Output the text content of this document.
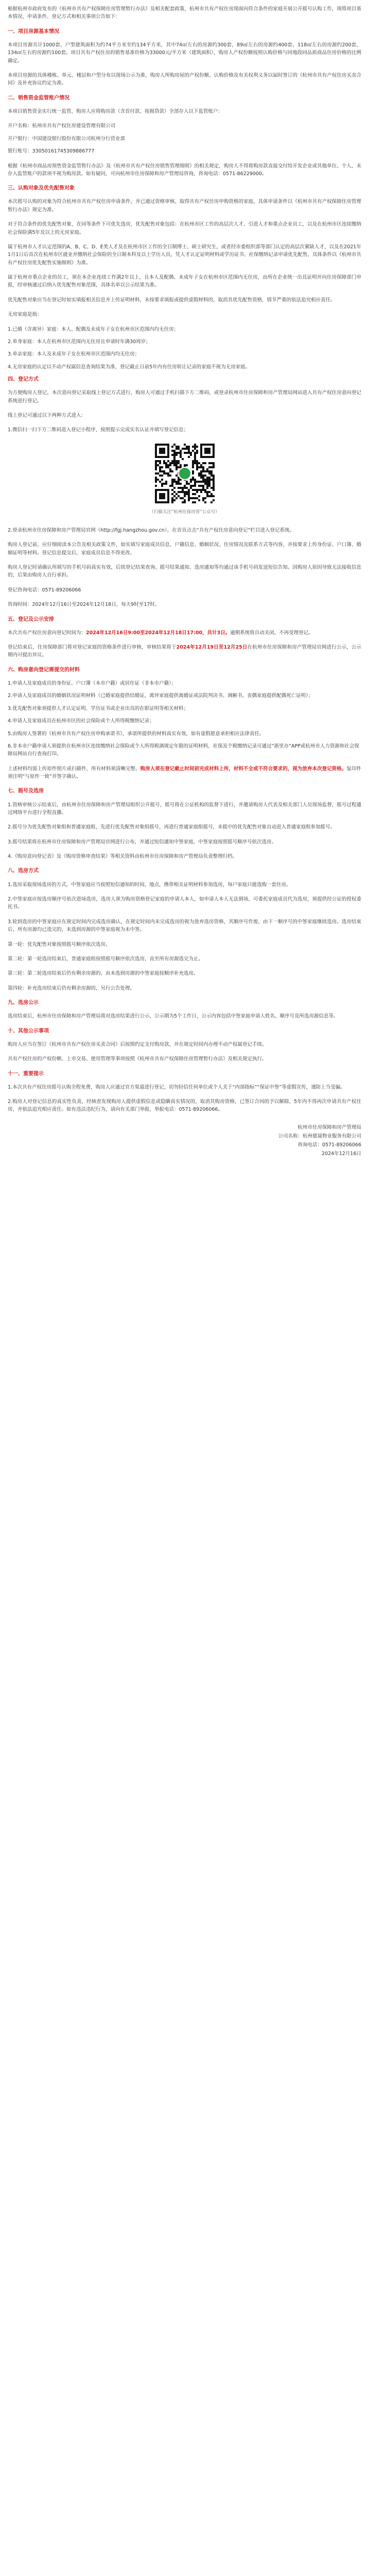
根据杭州市政府发布的《杭州市共有产权保障住房管理暂行办法》及相关配套政策，杭州市共有产权住房现面向符合条件的家庭开展公开摇号认购工作，现将项目基本情况、申请条件、登记方式和相关事项公告如下：

一、项目房源基本情况

本项目房源共计1000套，户型建筑面积为约74平方米至约134平方米，其中74㎡左右的房源约300套，89㎡左右的房源约400套，118㎡左右的房源约200套，134㎡左右的房源约100套。项目共有产权住房的销售基准价格为33000元/平方米（建筑面积），购房人产权份额按照认购价格与同地段同品质商品住房价格的比例确定。

本项目房源的具体楼栋、单元、楼层和户型分布以现场公示为准，购房人所购房屋的产权份额、认购价格及有关权利义务以届时签订的《杭州市共有产权住房买卖合同》及补充协议约定为准。

二、销售资金监管账户情况

本项目销售资金实行统一监管，购房人应将购房款（含首付款、按揭贷款）全部存入以下监管账户：

开户名称：杭州市共有产权住房建设管理有限公司
开户银行：中国建设银行股份有限公司杭州分行营业部
银行账号：33050161745309886777

根据《杭州市商品房预售资金监管暂行办法》及《杭州市共有产权住房销售管理细则》的相关规定，购房人不得将购房款直接交付给开发企业或其他单位、个人，未存入监管账户的款项不视为购房款。如有疑问，可向杭州市住房保障和房产管理局咨询，咨询电话：0571-86229000。

三、认购对象及优先配售对象

本次摇号认购的对象为符合杭州市共有产权住房申请条件，并已通过资格审核、取得共有产权住房申购资格的家庭，具体申请条件以《杭州市共有产权保障住房管理暂行办法》规定为准。

对于符合条件的优先配售对象，在同等条件下可优先选房，优先配售对象包括：在杭州市区工作的高层次人才、引进人才和重点企业员工，以及在杭州市区连续缴纳社会保险满5年及以上的无房家庭。

属于杭州市人才认定范围的A、B、C、D、E类人才及在杭州市区工作的全日制博士、硕士研究生，或者经市委组织部等部门认定的高层次紧缺人才，以及在2021年1月1日后首次在杭州市区就业并缴纳社会保险的全日制本科及以上学历人员，凭人才认定证明材料或学历证书、社保缴纳记录申请优先配售，具体条件以《杭州市共有产权住房优先配售实施细则》为准。

属于杭州市重点企业的员工，须在本企业连续工作满2年以上，且本人及配偶、未成年子女在杭州市区范围内无住房，由所在企业统一出具证明并向住房保障部门申报，经审核通过后纳入优先配售对象范围，具体名单以公示结果为准。

优先配售对象应当在登记时如实填报相关信息并上传证明材料，未按要求填报或提供虚假材料的，取消其优先配售资格，情节严重的依法追究相应责任。

无房家庭是指：

1.已婚（含离异）家庭：本人、配偶及未成年子女在杭州市区范围内均无住房；
2.单身家庭：本人在杭州市区范围内无住房且申请时年满30周岁；
3.单亲家庭：本人及未成年子女在杭州市区范围内均无住房；
4.无房家庭的认定以不动产权属信息查询结果为准，登记截止日前5年内有住房转让记录的家庭不视为无房家庭。
四、登记方式

为方便购房人登记，本次意向登记采取线上登记方式进行，购房人可通过手机扫描下方二维码，或登录杭州市住房保障和房产管理局网站进入共有产权住房意向登记系统进行登记。

线上登记可通过以下两种方式进入：

1.微信扫一扫下方二维码进入登记小程序，按照提示完成实名认证并填写登记信息；
（扫描关注“杭州住保房管”公众号）
2.登录杭州市住房保障和房产管理局官网（http://fgj.hangzhou.gov.cn），在首页点击“共有产权住房意向登记”栏目进入登记系统。

购房人登记前，应仔细阅读本公告及相关政策文件，如实填写家庭成员信息、户籍信息、婚姻状况、住房情况及联系方式等内容，并按要求上传身份证、户口簿、婚姻证明等材料。登记信息提交后，家庭成员信息不得更改。

购房人登记时请确认所填写的手机号码真实有效，后续登记结果查询、摇号结果通知、选房通知等均通过该手机号码发送短信告知。因购房人原因导致无法接收信息的，后果由购房人自行承担。

登记咨询电话：0571-89206066

咨询时间：2024年12月16日至2024年12月18日，每天9时至17时。

五、登记及公示安排

本次共有产权住房意向登记时间为：2024年12月16日9:00至2024年12月18日17:00，共计3日。逾期系统将自动关闭，不再受理登记。

登记结束后，住房保障部门将对登记家庭的资格条件进行审核，审核结果将于2024年12月19日至12月25日在杭州市住房保障和房产管理局官网进行公示，公示期内可提出异议。

六、购房意向登记需提交的材料
1.申请人及家庭成员的身份证、户口簿（本市户籍）或居住证（非本市户籍）；
2.申请人及家庭成员的婚姻状况证明材料（已婚家庭提供结婚证，离异家庭提供离婚证或法院判决书、调解书，丧偶家庭提供配偶死亡证明）；
3.优先配售对象须提供人才认定证明、学历证书或企业出具的在职证明等相关材料；
4.申请人及家庭成员在杭州市区的社会保险或个人所得税缴纳记录；
5.由购房人签署的《杭州市共有产权住房申购承诺书》，承诺所提供的材料真实有效，如有虚假愿意承担相应法律责任。
6.非本市户籍申请人须提供在杭州市区连续缴纳社会保险或个人所得税满规定年限的证明材料，社保及个税缴纳记录可通过“浙里办”APP或杭州市人力资源和社会保障局网站自行查询打印。

上述材料均需上传原件照片或扫描件，所有材料须清晰完整。购房人须在登记截止时间前完成材料上传，材料不全或不符合要求的，视为放弃本次登记资格。复印件须注明“与原件一致”并签字确认。

七、摇号及选房

1.资格审核公示结束后，由杭州市住房保障和房产管理局组织公开摇号，摇号将在公证机构的监督下进行，并邀请购房人代表及相关部门人员现场监督，摇号过程通过网络平台进行全程直播。

2.摇号分为优先配售对象组和普通家庭组，先进行优先配售对象组摇号，再进行普通家庭组摇号，未摇中的优先配售对象自动进入普通家庭组参加摇号。

3.摇号结果将在杭州市住房保障和房产管理局官网进行公布，并通过短信通知中签家庭，中签家庭按照摇号顺序号依次选房。

4.《购房意向登记表》及《购房资格审查结果》等相关资料由杭州市住房保障和房产管理局负责整理归档。

八、选房方式

1.选房采取现场选房的方式，中签家庭应当按照短信通知的时间、地点，携带相关证明材料参加选房，每户家庭只能选购一套住房。

2.中签家庭应按选房顺序号依次进场选房，选房人须为购房资格登记家庭的申请人本人，如申请人本人无法到场，可委托家庭成员代为选房，须提供经公证的授权委托书。

3.轮到选房的中签家庭应在规定时间内完成选房确认，在规定时间内未完成选房的视为放弃选房资格，其顺序号作废，由下一顺序号的中签家庭继续选房。选房结束后，所有房源均已选完的，未选到房源的中签家庭视为未中签。

第一轮：优先配售对象按照摇号顺序依次选房。

第二轮：第一轮选房结束后，普通家庭组按照摇号顺序依次选房，直至所有房源选完为止。

第三轮：第二轮选房结束后仍有剩余房源的，由未选到房源的中签家庭按顺序补充选房。

第四轮：补充选房结束后仍有剩余房源的，另行公告处理。

九、选房公示

选房结束后，杭州市住房保障和房产管理局将对选房结果进行公示，公示期为5个工作日，公示内容包括中签家庭申请人姓名、顺序号及所选房源信息等。

十、其他公示事项

购房人应当在签订《杭州市共有产权住房买卖合同》后按照约定支付购房款，并在规定时间内办理不动产权属登记手续。

共有产权住房的产权份额、上市交易、使用管理等事项按照《杭州市共有产权保障住房管理暂行办法》及相关规定执行。

十一、重要提示

1.本次共有产权住房摇号认购全程免费，购房人应通过官方渠道进行登记，切勿轻信任何单位或个人关于“内部指标”“保证中签”等虚假宣传，谨防上当受骗。

2.购房人对登记信息的真实性负责，经核查发现购房人提供虚假信息或隐瞒真实情况的，取消其购房资格，已签订合同的予以解除，5年内不得再次申请共有产权住房，并依法追究相应责任。如有违法违纪行为，请向有关部门举报，举报电话：0571-89206066。

杭州市住房保障和房产管理局
公司名称：杭州德晟物业服务有限公司
咨询电话：0571-89206066
2024年12月16日
